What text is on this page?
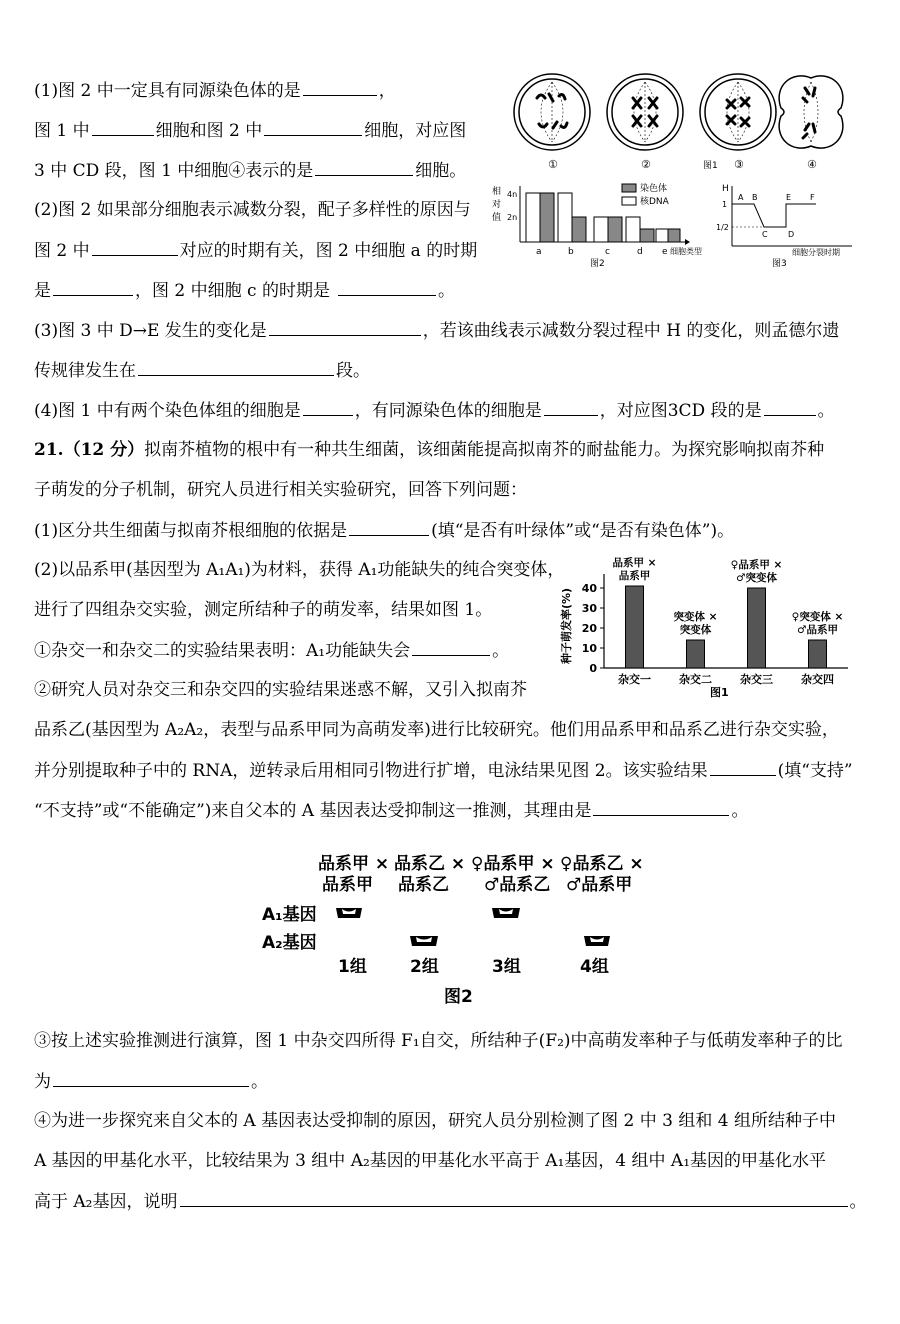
(1)图 2 中一定具有同源染色体的是	，
图 1 中	细胞和图 2 中	细胞，对应图
3 中 CD 段，图 1 中细胞④表示的是	细胞。
(2)图 2 如果部分细胞表示减数分裂，配子多样性的原因与
图 2 中	对应的时期有关，图 2 中细胞 a 的时期
是	，图 2 中细胞 c 的时期是	。
(3)图 3 中 D→E 发生的变化是	，若该曲线表示减数分裂过程中 H 的变化，则孟德尔遗
传规律发生在	段。
(4)图 1 中有两个染色体组的细胞是	，有同源染色体的细胞是	，对应图3CD 段的是	。
①	②	图1 ③	④
相
对
值
4n
2n
染色体
核DNA
a	b	c	d e 细胞类型
图2
H
1
1/2
A B
C	D
E F
细胞分裂时期
图3
21.（12 分）拟南芥植物的根中有一种共生细菌，该细菌能提高拟南芥的耐盐能力。为探究影响拟南芥种
子萌发的分子机制，研究人员进行相关实验研究，回答下列问题：
(1)区分共生细菌与拟南芥根细胞的依据是	(填“是否有叶绿体”或“是否有染色体”)。
(2)以品系甲(基因型为 A₁A₁)为材料，获得 A₁功能缺失的纯合突变体，
进行了四组杂交实验，测定所结种子的萌发率，结果如图 1。
①杂交一和杂交二的实验结果表明：A₁功能缺失会	。
②研究人员对杂交三和杂交四的实验结果迷惑不解，又引入拟南芥
品系乙(基因型为 A₂A₂，表型与品系甲同为高萌发率)进行比较研究。他们用品系甲和品系乙进行杂交实验，
并分别提取种子中的 RNA，逆转录后用相同引物进行扩增，电泳结果见图 2。该实验结果	(填“支持”
“不支持”或“不能确定”)来自父本的 A 基因表达受抑制这一推测，其理由是	。
种子萌发率(%)
0
10
20
30
40
杂交一
品系甲 ×
品系甲
杂交二
突变体 ×
突变体
杂交三
♀品系甲 ×
♂突变体
杂交四
♀突变体 ×
♂品系甲
图1
品系甲 ×
品系甲
品系乙 ×
品系乙
♀品系甲 ×
♂品系乙
♀品系乙 ×
♂品系甲
A₁基因
A₂基因
1组	2组	3组	4组
图2
③按上述实验推测进行演算，图 1 中杂交四所得 F₁自交，所结种子(F₂)中高萌发率种子与低萌发率种子的比
为	。
④为进一步探究来自父本的 A 基因表达受抑制的原因，研究人员分别检测了图 2 中 3 组和 4 组所结种子中
A 基因的甲基化水平，比较结果为 3 组中 A₂基因的甲基化水平高于 A₁基因，4 组中 A₁基因的甲基化水平
高于 A₂基因，说明	。
